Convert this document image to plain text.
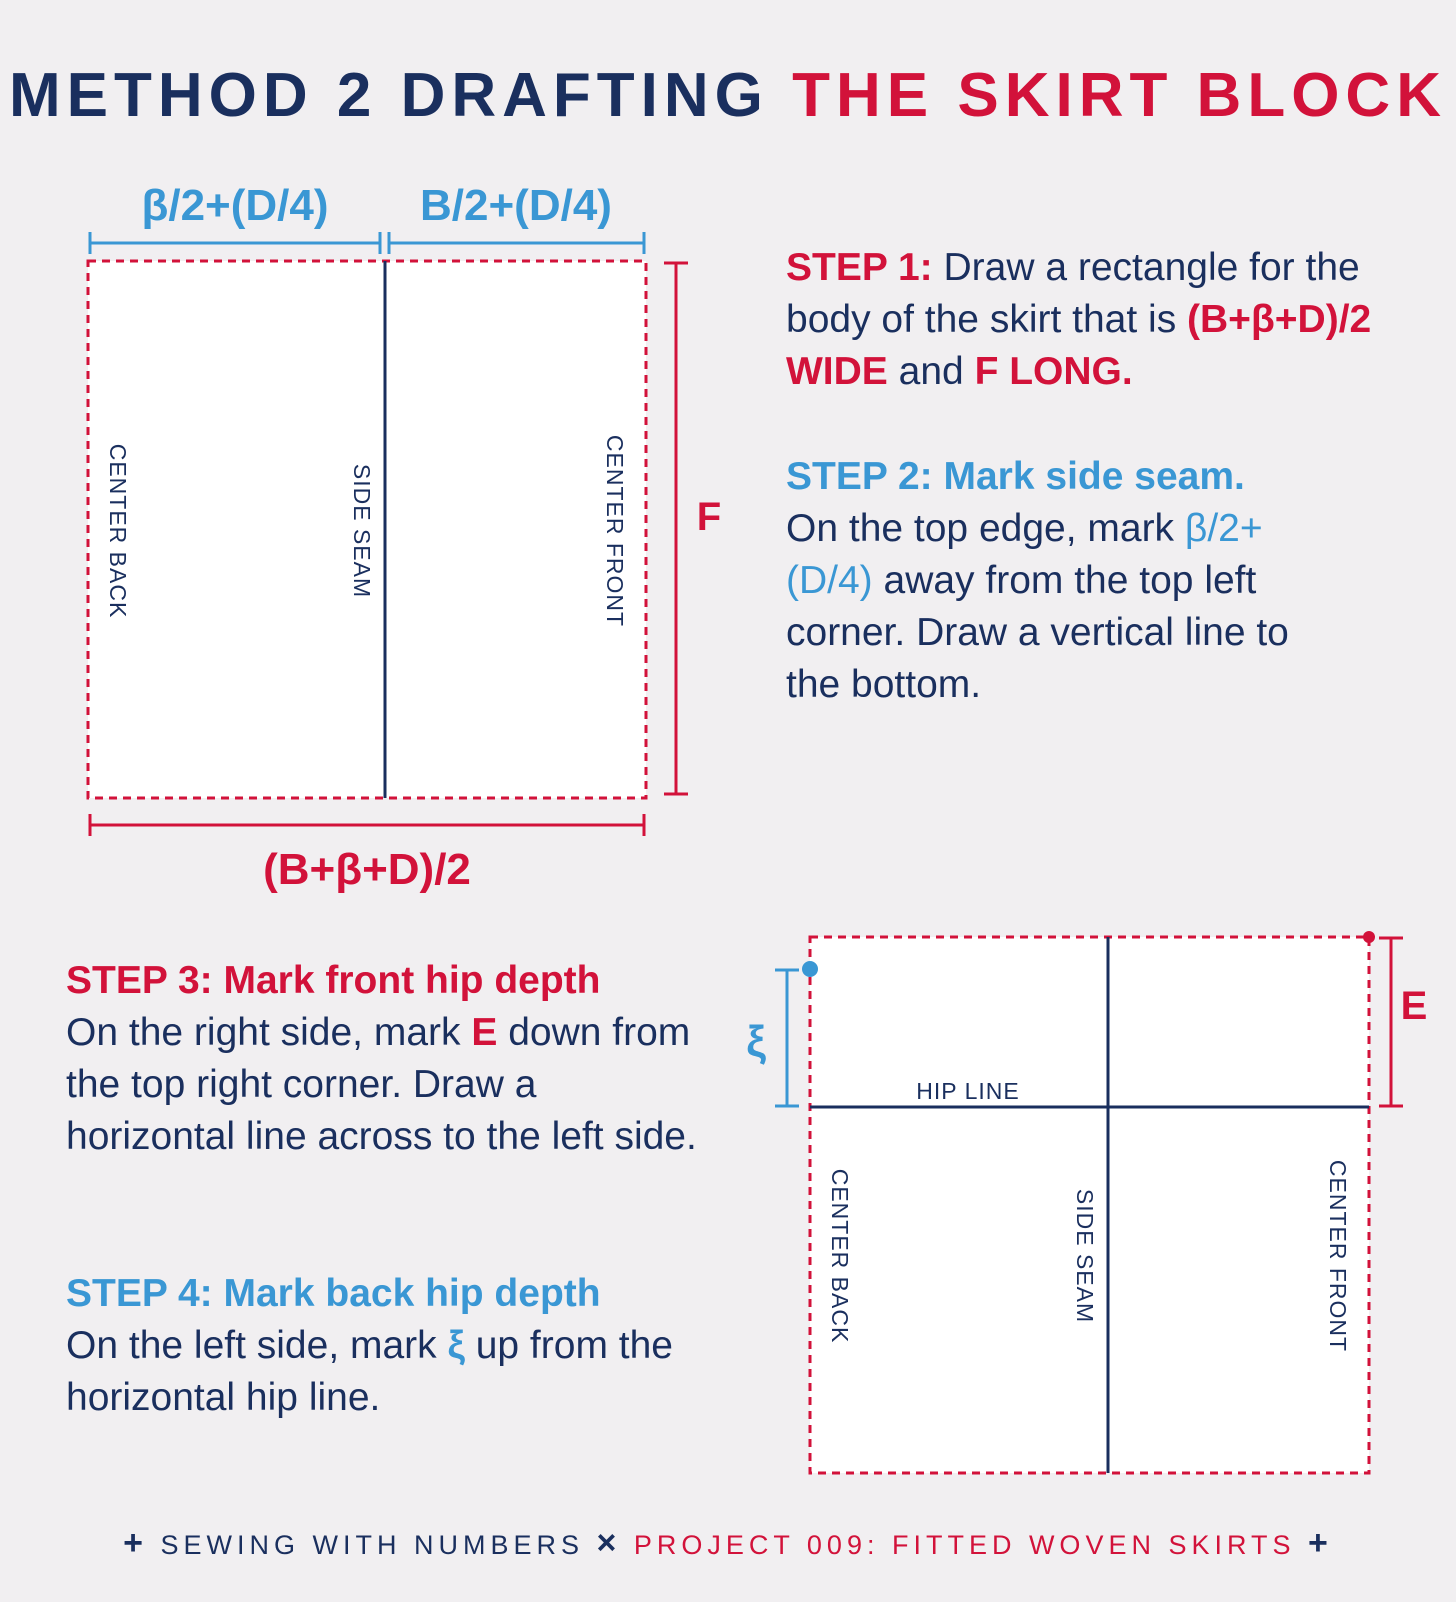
METHOD 2 DRAFTING THE SKIRT BLOCK
β/2+(D/4) B/2+(D/4)
F
(B+β+D)/2
CENTER BACK	SIDE SEAM	CENTER FRONT
ξ
E
HIP LINE
CENTER BACK	SIDE SEAM	CENTER FRONT
STEP 1: Draw a rectangle for the body of the skirt that is (B+β+D)/2 WIDE and F LONG.
STEP 2: Mark side seam.
On the top edge, mark β/2+(D/4) away from the top left corner. Draw a vertical line to the bottom.
STEP 3: Mark front hip depth
On the right side, mark E down from the top right corner. Draw a horizontal line across to the left side.
STEP 4: Mark back hip depth
On the left side, mark ξ up from the horizontal hip line.
+ SEWING WITH NUMBERS × PROJECT 009: FITTED WOVEN SKIRTS +
